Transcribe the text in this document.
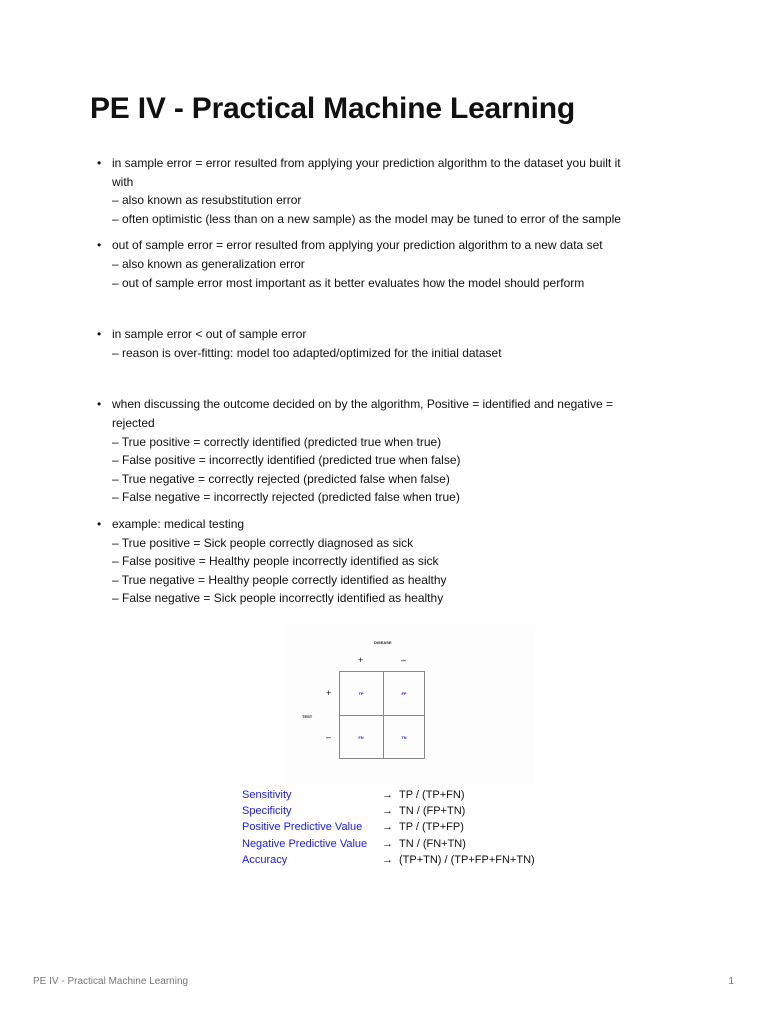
PE IV - Practical Machine Learning
• in sample error = error resulted from applying your prediction algorithm to the dataset you built it
with
– also known as resubstitution error
– often optimistic (less than on a new sample) as the model may be tuned to error of the sample
• out of sample error = error resulted from applying your prediction algorithm to a new data set
– also known as generalization error
– out of sample error most important as it better evaluates how the model should perform
• in sample error < out of sample error
– reason is over-fitting: model too adapted/optimized for the initial dataset
• when discussing the outcome decided on by the algorithm, Positive = identified and negative =
rejected
– True positive = correctly identified (predicted true when true)
– False positive = incorrectly identified (predicted true when false)
– True negative = correctly rejected (predicted false when false)
– False negative = incorrectly rejected (predicted false when true)
• example: medical testing
– True positive = Sick people correctly diagnosed as sick
– False positive = Healthy people incorrectly identified as sick
– True negative = Healthy people correctly identified as healthy
– False negative = Sick people incorrectly identified as healthy
DISEASE
+	–
TEST
+
–
TP	FP
FN	TN
Sensitivity	→ TP / (TP+FN)
Specificity	→ TN / (FP+TN)
Positive Predictive Value → TP / (TP+FP)
Negative Predictive Value → TN / (FN+TN)
Accuracy	→ (TP+TN) / (TP+FP+FN+TN)
PE IV - Practical Machine Learning	1
